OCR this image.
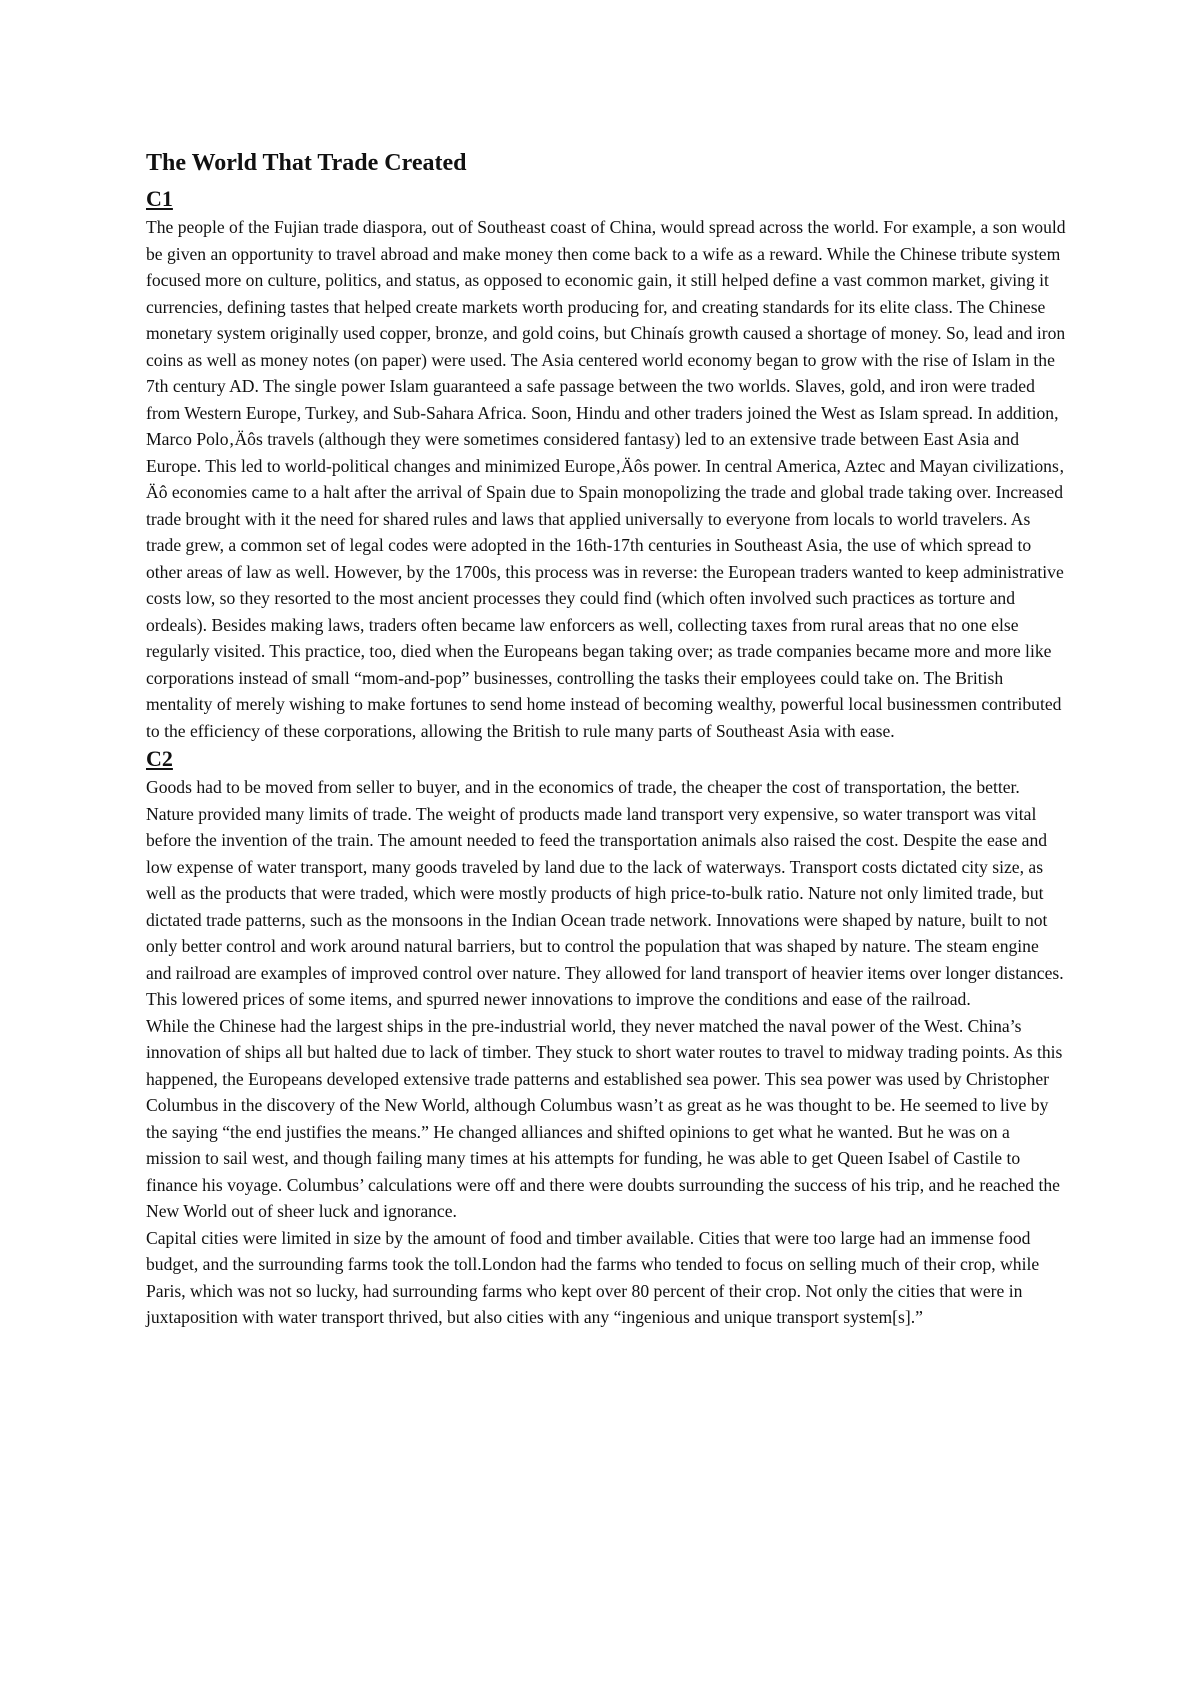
The World That Trade Created
C1

The people of the Fujian trade diaspora, out of Southeast coast of China, would spread across the world. For example, a son would be given an opportunity to travel abroad and make money then come back to a wife as a reward. While the Chinese tribute system focused more on culture, politics, and status, as opposed to economic gain, it still helped define a vast common market, giving it currencies, defining tastes that helped create markets worth producing for, and creating standards for its elite class. The Chinese monetary system originally used copper, bronze, and gold coins, but Chinaís growth caused a shortage of money. So, lead and iron coins as well as money notes (on paper) were used. The Asia centered world economy began to grow with the rise of Islam in the 7th century AD. The single power Islam guaranteed a safe passage between the two worlds. Slaves, gold, and iron were traded from Western Europe, Turkey, and Sub-Sahara Africa. Soon, Hindu and other traders joined the West as Islam spread. In addition, Marco Polo‚Äôs travels (although they were sometimes considered fantasy) led to an extensive trade between East Asia and Europe. This led to world-political changes and minimized Europe‚Äôs power. In central America, Aztec and Mayan civilizations‚ Äô economies came to a halt after the arrival of Spain due to Spain monopolizing the trade and global trade taking over. Increased trade brought with it the need for shared rules and laws that applied universally to everyone from locals to world travelers. As trade grew, a common set of legal codes were adopted in the 16th-17th centuries in Southeast Asia, the use of which spread to other areas of law as well. However, by the 1700s, this process was in reverse: the European traders wanted to keep administrative costs low, so they resorted to the most ancient processes they could find (which often involved such practices as torture and ordeals). Besides making laws, traders often became law enforcers as well, collecting taxes from rural areas that no one else regularly visited. This practice, too, died when the Europeans began taking over; as trade companies became more and more like corporations instead of small “mom-and-pop” businesses, controlling the tasks their employees could take on. The British mentality of merely wishing to make fortunes to send home instead of becoming wealthy, powerful local businessmen contributed to the efficiency of these corporations, allowing the British to rule many parts of Southeast Asia with ease.

C2

Goods had to be moved from seller to buyer, and in the economics of trade, the cheaper the cost of transportation, the better. Nature provided many limits of trade. The weight of products made land transport very expensive, so water transport was vital before the invention of the train. The amount needed to feed the transportation animals also raised the cost. Despite the ease and low expense of water transport, many goods traveled by land due to the lack of waterways. Transport costs dictated city size, as well as the products that were traded, which were mostly products of high price-to-bulk ratio. Nature not only limited trade, but dictated trade patterns, such as the monsoons in the Indian Ocean trade network. Innovations were shaped by nature, built to not only better control and work around natural barriers, but to control the population that was shaped by nature. The steam engine and railroad are examples of improved control over nature. They allowed for land transport of heavier items over longer distances. This lowered prices of some items, and spurred newer innovations to improve the conditions and ease of the railroad.

While the Chinese had the largest ships in the pre-industrial world, they never matched the naval power of the West. China’s innovation of ships all but halted due to lack of timber. They stuck to short water routes to travel to midway trading points. As this happened, the Europeans developed extensive trade patterns and established sea power. This sea power was used by Christopher Columbus in the discovery of the New World, although Columbus wasn’t as great as he was thought to be. He seemed to live by the saying “the end justifies the means.” He changed alliances and shifted opinions to get what he wanted. But he was on a mission to sail west, and though failing many times at his attempts for funding, he was able to get Queen Isabel of Castile to finance his voyage. Columbus’ calculations were off and there were doubts surrounding the success of his trip, and he reached the New World out of sheer luck and ignorance.

Capital cities were limited in size by the amount of food and timber available. Cities that were too large had an immense food budget, and the surrounding farms took the toll.London had the farms who tended to focus on selling much of their crop, while Paris, which was not so lucky, had surrounding farms who kept over 80 percent of their crop. Not only the cities that were in juxtaposition with water transport thrived, but also cities with any “ingenious and unique transport system[s].”
